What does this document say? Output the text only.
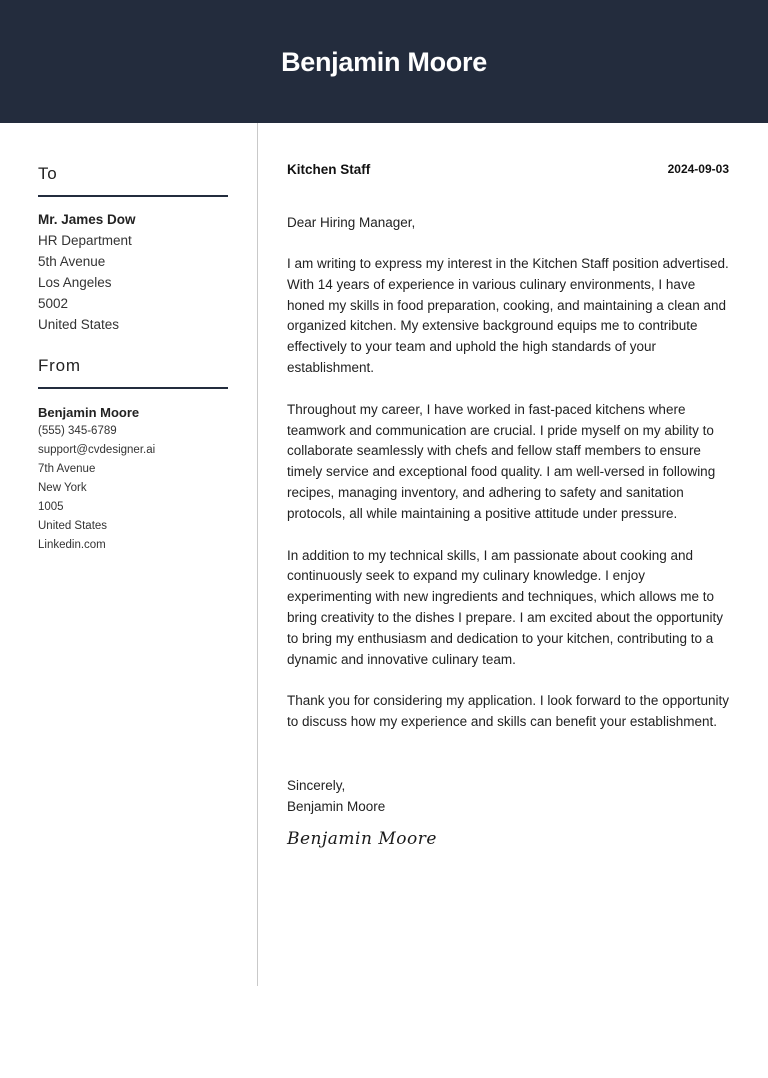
Benjamin Moore
To
Mr. James Dow
HR Department
5th Avenue
Los Angeles
5002
United States
From
Benjamin Moore
(555) 345-6789
support@cvdesigner.ai
7th Avenue
New York
1005
United States
Linkedin.com
Kitchen Staff	2024-09-03
Dear Hiring Manager,
I am writing to express my interest in the Kitchen Staff position advertised. With 14 years of experience in various culinary environments, I have honed my skills in food preparation, cooking, and maintaining a clean and organized kitchen. My extensive background equips me to contribute effectively to your team and uphold the high standards of your establishment.
Throughout my career, I have worked in fast-paced kitchens where teamwork and communication are crucial. I pride myself on my ability to collaborate seamlessly with chefs and fellow staff members to ensure timely service and exceptional food quality. I am well-versed in following recipes, managing inventory, and adhering to safety and sanitation protocols, all while maintaining a positive attitude under pressure.
In addition to my technical skills, I am passionate about cooking and continuously seek to expand my culinary knowledge. I enjoy experimenting with new ingredients and techniques, which allows me to bring creativity to the dishes I prepare. I am excited about the opportunity to bring my enthusiasm and dedication to your kitchen, contributing to a dynamic and innovative culinary team.
Thank you for considering my application. I look forward to the opportunity to discuss how my experience and skills can benefit your establishment.
Sincerely,
Benjamin Moore
Benjamin Moore
